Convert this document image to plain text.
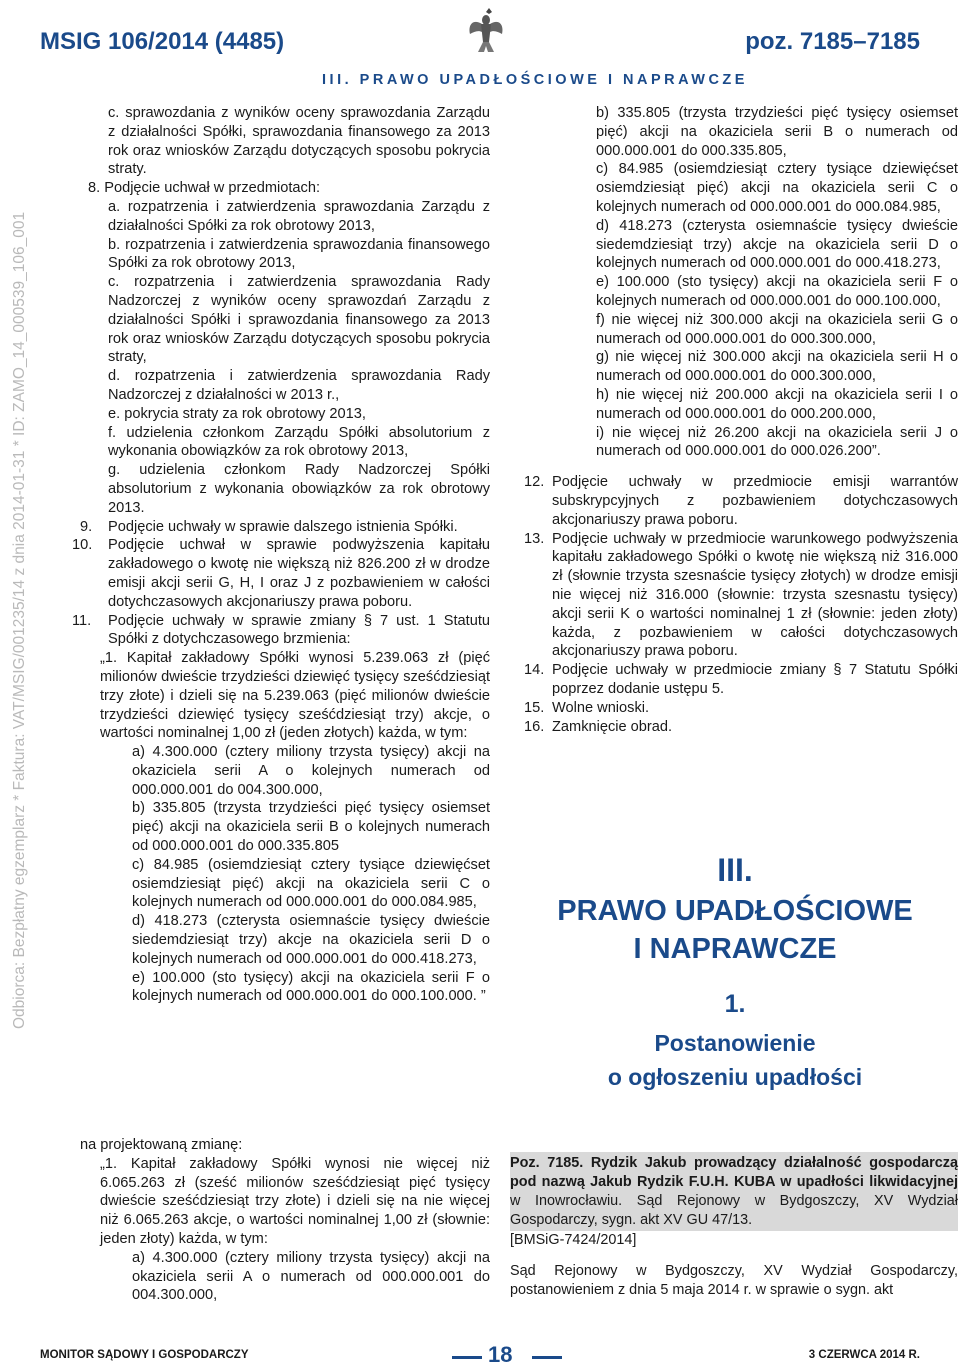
MSIG 106/2014 (4485)	poz. 7185–7185
III. PRAWO UPADŁOŚCIOWE I NAPRAWCZE
Odbiorca: Bezpłatny egzemplarz * Faktura: VAT/MSIG/001235/14 z dnia 2014-01-31 * ID: ZAMO_14_000539_106_001

c. sprawozdania z wyników oceny sprawozdania Zarządu z działalności Spółki, sprawozdania finansowego za 2013 rok oraz wniosków Zarządu dotyczących sposobu pokrycia straty.

8. Podjęcie uchwał w przedmiotach:

a. rozpatrzenia i zatwierdzenia sprawozdania Zarządu z działalności Spółki za rok obrotowy 2013,

b. rozpatrzenia i zatwierdzenia sprawozdania finansowego Spółki za rok obrotowy 2013,

c. rozpatrzenia i zatwierdzenia sprawozdania Rady Nadzorczej z wyników oceny sprawozdań Zarządu z działalności Spółki i sprawozdania finansowego za 2013 rok oraz wniosków Zarządu dotyczących sposobu pokrycia straty,

d. rozpatrzenia i zatwierdzenia sprawozdania Rady Nadzorczej z działalności w 2013 r.,

e. pokrycia straty za rok obrotowy 2013,

f. udzielenia członkom Zarządu Spółki absolutorium z wykonania obowiązków za rok obrotowy 2013,

g. udzielenia członkom Rady Nadzorczej Spółki absolutorium z wykonania obowiązków za rok obrotowy 2013.

9. Podjęcie uchwały w sprawie dalszego istnienia Spółki.
10. Podjęcie uchwał w sprawie podwyższenia kapitału zakładowego o kwotę nie większą niż 826.200 zł w drodze emisji akcji serii G, H, I oraz J z pozbawieniem w całości dotychczasowych akcjonariuszy prawa poboru.
11. Podjęcie uchwały w sprawie zmiany § 7 ust. 1 Statutu Spółki z dotychczasowego brzmienia:

„1. Kapitał zakładowy Spółki wynosi 5.239.063 zł (pięć milionów dwieście trzydzieści dziewięć tysięcy sześćdziesiąt trzy złote) i dzieli się na 5.239.063 (pięć milionów dwieście trzydzieści dziewięć tysięcy sześćdziesiąt trzy) akcje, o wartości nominalnej 1,00 zł (jeden złotych) każda, w tym:

a) 4.300.000 (cztery miliony trzysta tysięcy) akcji na okaziciela serii A o kolejnych numerach od 000.000.001 do 004.300.000,

b) 335.805 (trzysta trzydzieści pięć tysięcy osiemset pięć) akcji na okaziciela serii B o kolejnych numerach od 000.000.001 do 000.335.805

c) 84.985 (osiemdziesiąt cztery tysiące dziewięćset osiemdziesiąt pięć) akcji na okaziciela serii C o kolejnych numerach od 000.000.001 do 000.084.985,

d) 418.273 (czterysta osiemnaście tysięcy dwieście siedemdziesiąt trzy) akcje na okaziciela serii D o kolejnych numerach od 000.000.001 do 000.418.273,

e) 100.000 (sto tysięcy) akcji na okaziciela serii F o kolejnych numerach od 000.000.001 do 000.100.000. ”

b) 335.805 (trzysta trzydzieści pięć tysięcy osiemset pięć) akcji na okaziciela serii B o numerach od 000.000.001 do 000.335.805,

c) 84.985 (osiemdziesiąt cztery tysiące dziewięćset osiemdziesiąt pięć) akcji na okaziciela serii C o kolejnych numerach od 000.000.001 do 000.084.985,

d) 418.273 (czterysta osiemnaście tysięcy dwieście siedemdziesiąt trzy) akcje na okaziciela serii D o kolejnych numerach od 000.000.001 do 000.418.273,

e) 100.000 (sto tysięcy) akcji na okaziciela serii F o kolejnych numerach od 000.000.001 do 000.100.000,

f) nie więcej niż 300.000 akcji na okaziciela serii G o numerach od 000.000.001 do 000.300.000,

g) nie więcej niż 300.000 akcji na okaziciela serii H o numerach od 000.000.001 do 000.300.000,

h) nie więcej niż 200.000 akcji na okaziciela serii I o numerach od 000.000.001 do 000.200.000,

i) nie więcej niż 26.200 akcji na okaziciela serii J o numerach od 000.000.001 do 000.026.200”.

12. Podjęcie uchwały w przedmiocie emisji warrantów subskrypcyjnych z pozbawieniem dotychczasowych akcjonariuszy prawa poboru.
13. Podjęcie uchwały w przedmiocie warunkowego podwyższenia kapitału zakładowego Spółki o kwotę nie większą niż 316.000 zł (słownie trzysta szesnaście tysięcy złotych) w drodze emisji nie więcej niż 316.000 (słownie: trzysta szesnastu tysięcy) akcji serii K o wartości nominalnej 1 zł (słownie: jeden złoty) każda, z pozbawieniem w całości dotychczasowych akcjonariuszy prawa poboru.
14. Podjęcie uchwały w przedmiocie zmiany § 7 Statutu Spółki poprzez dodanie ustępu 5.
15. Wolne wnioski.
16. Zamknięcie obrad.
III.
PRAWO UPADŁOŚCIOWE
I NAPRAWCZE
1.
Postanowienie
o ogłoszeniu upadłości

na projektowaną zmianę:

„1. Kapitał zakładowy Spółki wynosi nie więcej niż 6.065.263 zł (sześć milionów sześćdziesiąt pięć tysięcy dwieście sześćdziesiąt trzy złote) i dzieli się na nie więcej niż 6.065.263 akcje, o wartości nominalnej 1,00 zł (słownie: jeden złoty) każda, w tym:

a) 4.300.000 (cztery miliony trzysta tysięcy) akcji na okaziciela serii A o numerach od 000.000.001 do 004.300.000,

Poz. 7185. Rydzik Jakub prowadzący działalność gospodarczą pod nazwą Jakub Rydzik F.U.H. KUBA w upadłości likwidacyjnej w Inowrocławiu. Sąd Rejonowy w Bydgoszczy, XV Wydział Gospodarczy, sygn. akt XV GU 47/13.

[BMSiG-7424/2014]

Sąd Rejonowy w Bydgoszczy, XV Wydział Gospodarczy, postanowieniem z dnia 5 maja 2014 r. w sprawie o sygn. akt

MONITOR SĄDOWY I GOSPODARCZY	18	3 CZERWCA 2014 R.
